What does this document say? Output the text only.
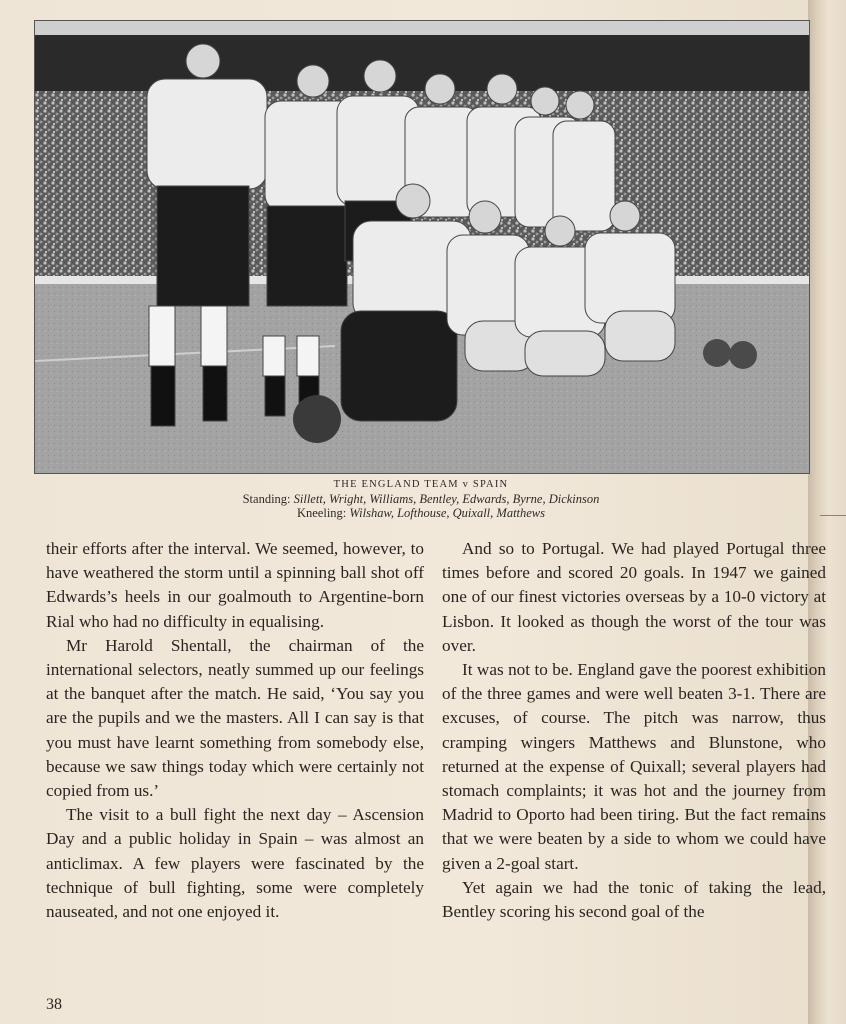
THE ENGLAND TEAM v SPAIN
Standing: Sillett, Wright, Williams, Bentley, Edwards, Byrne, Dickinson
Kneeling: Wilshaw, Lofthouse, Quixall, Matthews

their efforts after the interval. We seemed, however, to have weathered the storm until a spinning ball shot off Edwards’s heels in our goalmouth to Argentine-born Rial who had no difficulty in equalising.

Mr Harold Shentall, the chairman of the international selectors, neatly summed up our feelings at the banquet after the match. He said, ‘You say you are the pupils and we the masters. All I can say is that you must have learnt something from somebody else, because we saw things today which were certainly not copied from us.’

The visit to a bull fight the next day – Ascension Day and a public holiday in Spain – was almost an anticlimax. A few players were fascinated by the technique of bull fighting, some were completely nauseated, and not one enjoyed it.

And so to Portugal. We had played Portugal three times before and scored 20 goals. In 1947 we gained one of our finest victories overseas by a 10-0 victory at Lisbon. It looked as though the worst of the tour was over.

It was not to be. England gave the poorest exhibition of the three games and were well beaten 3-1. There are excuses, of course. The pitch was narrow, thus cramping wingers Matthews and Blunstone, who returned at the expense of Quixall; several players had stomach complaints; it was hot and the journey from Madrid to Oporto had been tiring. But the fact remains that we were beaten by a side to whom we could have given a 2-goal start.

Yet again we had the tonic of taking the lead, Bentley scoring his second goal of the

38
